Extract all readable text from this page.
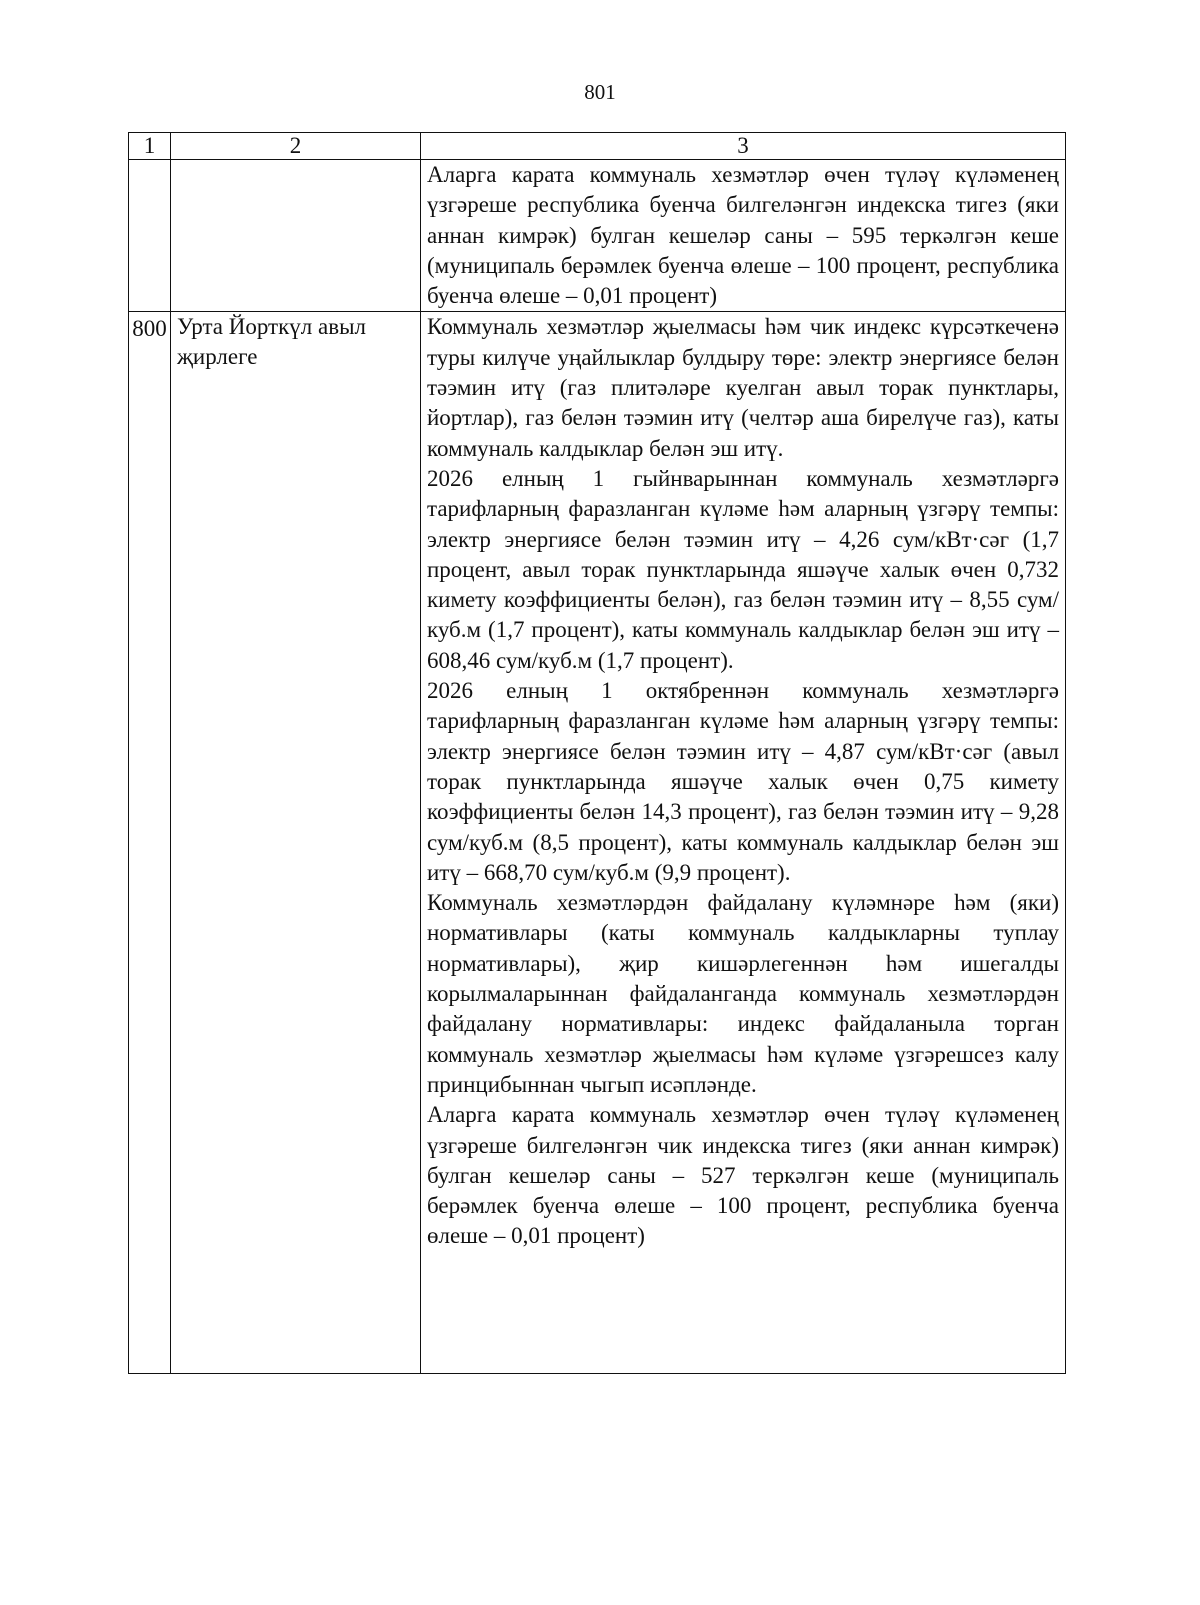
801
1	2	3

		Аларга карата коммуналь хезмәтләр өчен түләү күләменең үзгәреше республика буенча билгеләнгән индекска тигез (яки аннан кимрәк) булган кешеләр саны – 595 теркәлгән кеше (муниципаль берәмлек буенча өлеше – 100 процент, республика буенча өлеше – 0,01 процент)

800	Урта Йорткүл авыл җирлеге	Коммуналь хезмәтләр җыелмасы һәм чик индекс күрсәткеченә туры килүче уңайлыклар булдыру төре: электр энергиясе белән тәэмин итү (газ плитәләре куелган авыл торак пунктлары, йортлар), газ белән тәэмин итү (челтәр аша бирелүче газ), каты коммуналь калдыклар белән эш итү.
2026 елның 1 гыйнварыннан коммуналь хезмәтләргә тарифларның фаразланган күләме һәм аларның үзгәрү темпы: электр энергиясе белән тәэмин итү – 4,26 сум/кВт·сәг (1,7 процент, авыл торак пунктларында яшәүче халык өчен 0,732 кимету коэффициенты белән), газ белән тәэмин итү – 8,55 сум/куб.м (1,7 процент), каты коммуналь калдыклар белән эш итү – 608,46 сум/куб.м (1,7 процент).
2026 елның 1 октябреннән коммуналь хезмәтләргә тарифларның фаразланган күләме һәм аларның үзгәрү темпы: электр энергиясе белән тәэмин итү – 4,87 сум/кВт·сәг (авыл торак пунктларында яшәүче халык өчен 0,75 кимету коэффициенты белән 14,3 процент), газ белән тәэмин итү – 9,28 сум/куб.м (8,5 процент), каты коммуналь калдыклар белән эш итү – 668,70 сум/куб.м (9,9 процент).
Коммуналь хезмәтләрдән файдалану күләмнәре һәм (яки) нормативлары (каты коммуналь калдыкларны туплау нормативлары), җир кишәрлегеннән һәм ишегалды корылмаларыннан файдаланганда коммуналь хезмәтләрдән файдалану нормативлары: индекс файдаланыла торган коммуналь хезмәтләр җыелмасы һәм күләме үзгәрешсез калу принцибыннан чыгып исәпләнде.
Аларга карата коммуналь хезмәтләр өчен түләү күләменең үзгәреше билгеләнгән чик индекска тигез (яки аннан кимрәк) булган кешеләр саны – 527 теркәлгән кеше (муниципаль берәмлек буенча өлеше – 100 процент, республика буенча өлеше – 0,01 процент)
